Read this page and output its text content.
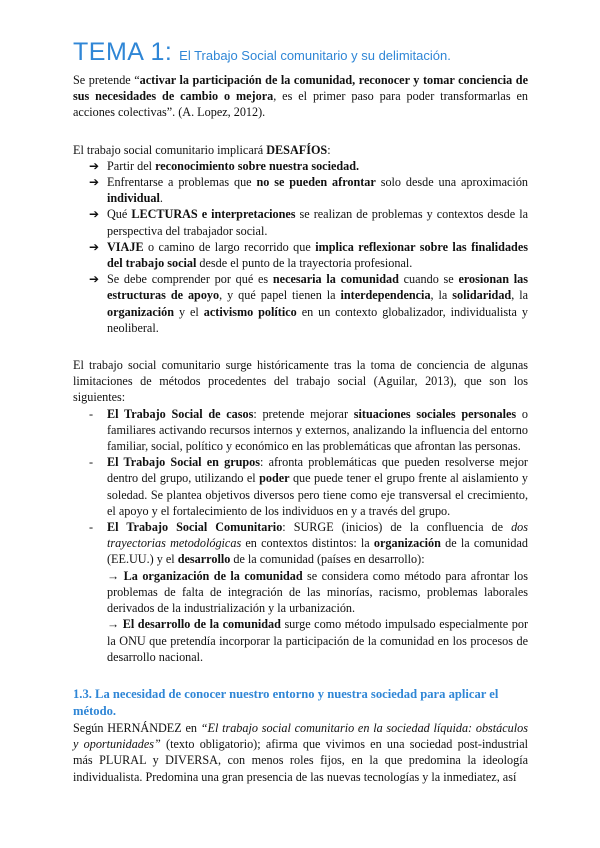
TEMA 1: El Trabajo Social comunitario y su delimitación.

Se pretende “activar la participación de la comunidad, reconocer y tomar conciencia de sus necesidades de cambio o mejora, es el primer paso para poder transformarlas en acciones colectivas”. (A. Lopez, 2012).

El trabajo social comunitario implicará DESAFÍOS:

➔ Partir del reconocimiento sobre nuestra sociedad.
➔ Enfrentarse a problemas que no se pueden afrontar solo desde una aproximación individual.
➔ Qué LECTURAS e interpretaciones se realizan de problemas y contextos desde la perspectiva del trabajador social.
➔ VIAJE o camino de largo recorrido que implica reflexionar sobre las finalidades del trabajo social desde el punto de la trayectoria profesional.
➔ Se debe comprender por qué es necesaria la comunidad cuando se erosionan las estructuras de apoyo, y qué papel tienen la interdependencia, la solidaridad, la organización y el activismo político en un contexto globalizador, individualista y neoliberal.

El trabajo social comunitario surge históricamente tras la toma de conciencia de algunas limitaciones de métodos procedentes del trabajo social (Aguilar, 2013), que son los siguientes:

- El Trabajo Social de casos: pretende mejorar situaciones sociales personales o familiares activando recursos internos y externos, analizando la influencia del entorno familiar, social, político y económico en las problemáticas que afrontan las personas.
- El Trabajo Social en grupos: afronta problemáticas que pueden resolverse mejor dentro del grupo, utilizando el poder que puede tener el grupo frente al aislamiento y soledad. Se plantea objetivos diversos pero tiene como eje transversal el crecimiento, el apoyo y el fortalecimiento de los individuos en y a través del grupo.
- El Trabajo Social Comunitario: SURGE (inicios) de la confluencia de dos trayectorias metodológicas en contextos distintos: la organización de la comunidad (EE.UU.) y el desarrollo de la comunidad (países en desarrollo):
→ La organización de la comunidad se considera como método para afrontar los problemas de falta de integración de las minorías, racismo, problemas laborales derivados de la industrialización y la urbanización.
→ El desarrollo de la comunidad surge como método impulsado especialmente por la ONU que pretendía incorporar la participación de la comunidad en los procesos de desarrollo nacional.
1.3. La necesidad de conocer nuestro entorno y nuestra sociedad para aplicar el método.

Según HERNÁNDEZ en “El trabajo social comunitario en la sociedad líquida: obstáculos y oportunidades” (texto obligatorio); afirma que vivimos en una sociedad post-industrial más PLURAL y DIVERSA, con menos roles fijos, en la que predomina la ideología individualista. Predomina una gran presencia de las nuevas tecnologías y la inmediatez, así
